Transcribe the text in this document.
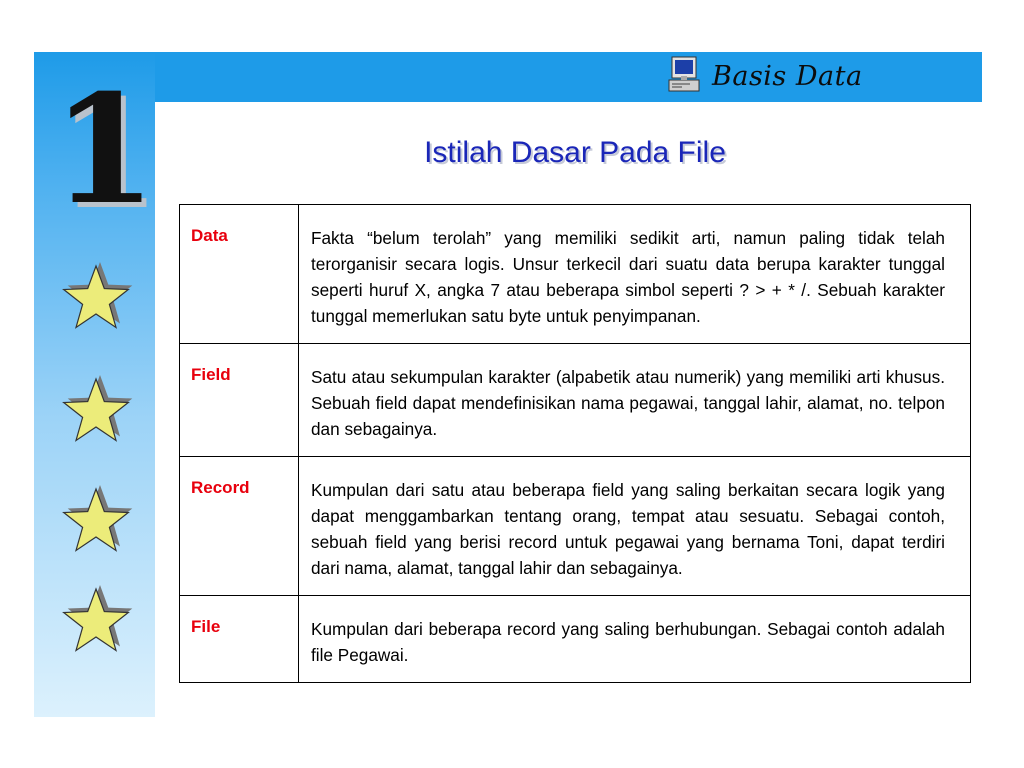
1	Basis Data
Istilah Dasar Pada File
Data	Fakta “belum terolah” yang memiliki sedikit arti, namun paling tidak telah terorganisir secara logis. Unsur terkecil dari suatu data berupa karakter tunggal seperti huruf X, angka 7 atau beberapa simbol seperti ? > + * /. Sebuah karakter tunggal memerlukan satu byte untuk penyimpanan.
Field	Satu atau sekumpulan karakter (alpabetik atau numerik) yang memiliki arti khusus. Sebuah field dapat mendefinisikan nama pegawai, tanggal lahir, alamat, no. telpon dan sebagainya.
Record	Kumpulan dari satu atau beberapa field yang saling berkaitan secara logik yang dapat menggambarkan tentang orang, tempat atau sesuatu. Sebagai contoh, sebuah field yang berisi record untuk pegawai yang bernama Toni, dapat terdiri dari nama, alamat, tanggal lahir dan sebagainya.
File	Kumpulan dari beberapa record yang saling berhubungan. Sebagai contoh adalah file Pegawai.
